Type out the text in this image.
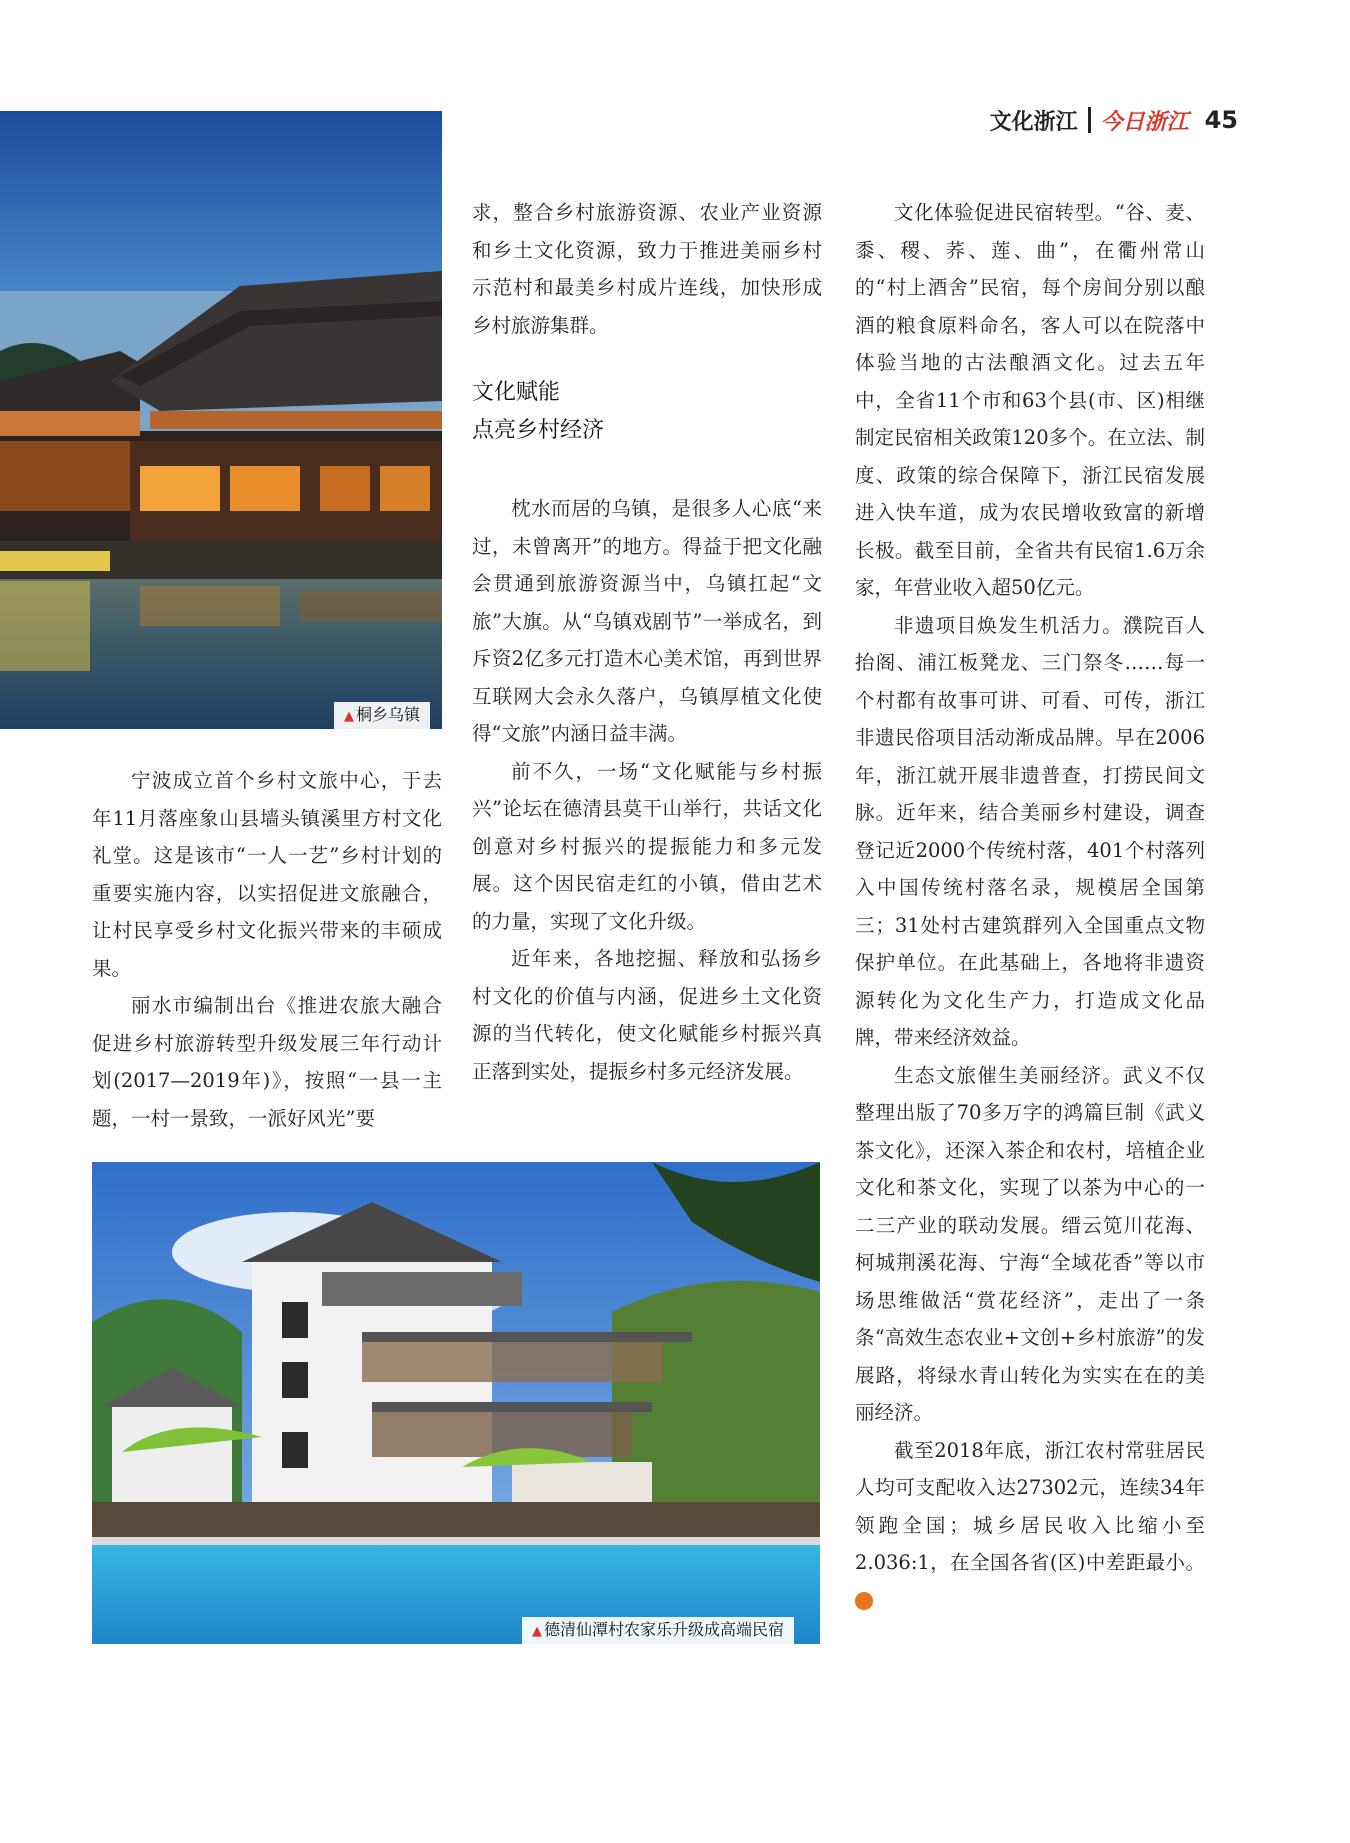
文化浙江 今日浙江 45
▲ 桐乡乌镇

宁波成立首个乡村文旅中心，于去年11月落座象山县墙头镇溪里方村文化礼堂。这是该市“一人一艺”乡村计划的重要实施内容，以实招促进文旅融合，让村民享受乡村文化振兴带来的丰硕成果。

丽水市编制出台《推进农旅大融合促进乡村旅游转型升级发展三年行动计划(2017—2019年)》，按照“一县一主题，一村一景致，一派好风光”要

求，整合乡村旅游资源、农业产业资源和乡土文化资源，致力于推进美丽乡村示范村和最美乡村成片连线，加快形成乡村旅游集群。

文化赋能
点亮乡村经济

枕水而居的乌镇，是很多人心底“来过，未曾离开”的地方。得益于把文化融会贯通到旅游资源当中，乌镇扛起“文旅”大旗。从“乌镇戏剧节”一举成名，到斥资2亿多元打造木心美术馆，再到世界互联网大会永久落户，乌镇厚植文化使得“文旅”内涵日益丰满。

前不久，一场“文化赋能与乡村振兴”论坛在德清县莫干山举行，共话文化创意对乡村振兴的提振能力和多元发展。这个因民宿走红的小镇，借由艺术的力量，实现了文化升级。

近年来，各地挖掘、释放和弘扬乡村文化的价值与内涵，促进乡土文化资源的当代转化，使文化赋能乡村振兴真正落到实处，提振乡村多元经济发展。

▲ 德清仙潭村农家乐升级成高端民宿

文化体验促进民宿转型。“谷、麦、黍、稷、荞、莲、曲”，在衢州常山的“村上酒舍”民宿，每个房间分别以酿酒的粮食原料命名，客人可以在院落中体验当地的古法酿酒文化。过去五年中，全省11个市和63个县(市、区)相继制定民宿相关政策120多个。在立法、制度、政策的综合保障下，浙江民宿发展进入快车道，成为农民增收致富的新增长极。截至目前，全省共有民宿1.6万余家，年营业收入超50亿元。

非遗项目焕发生机活力。濮院百人抬阁、浦江板凳龙、三门祭冬……每一个村都有故事可讲、可看、可传，浙江非遗民俗项目活动渐成品牌。早在2006年，浙江就开展非遗普查，打捞民间文脉。近年来，结合美丽乡村建设，调查登记近2000个传统村落，401个村落列入中国传统村落名录，规模居全国第三；31处村古建筑群列入全国重点文物保护单位。在此基础上，各地将非遗资源转化为文化生产力，打造成文化品牌，带来经济效益。

生态文旅催生美丽经济。武义不仅整理出版了70多万字的鸿篇巨制《武义茶文化》，还深入茶企和农村，培植企业文化和茶文化，实现了以茶为中心的一二三产业的联动发展。缙云笕川花海、柯城荆溪花海、宁海“全域花香”等以市场思维做活“赏花经济”，走出了一条条“高效生态农业+文创+乡村旅游”的发展路，将绿水青山转化为实实在在的美丽经济。

截至2018年底，浙江农村常驻居民人均可支配收入达27302元，连续34年领跑全国；城乡居民收入比缩小至2.036:1，在全国各省(区)中差距最小。今
